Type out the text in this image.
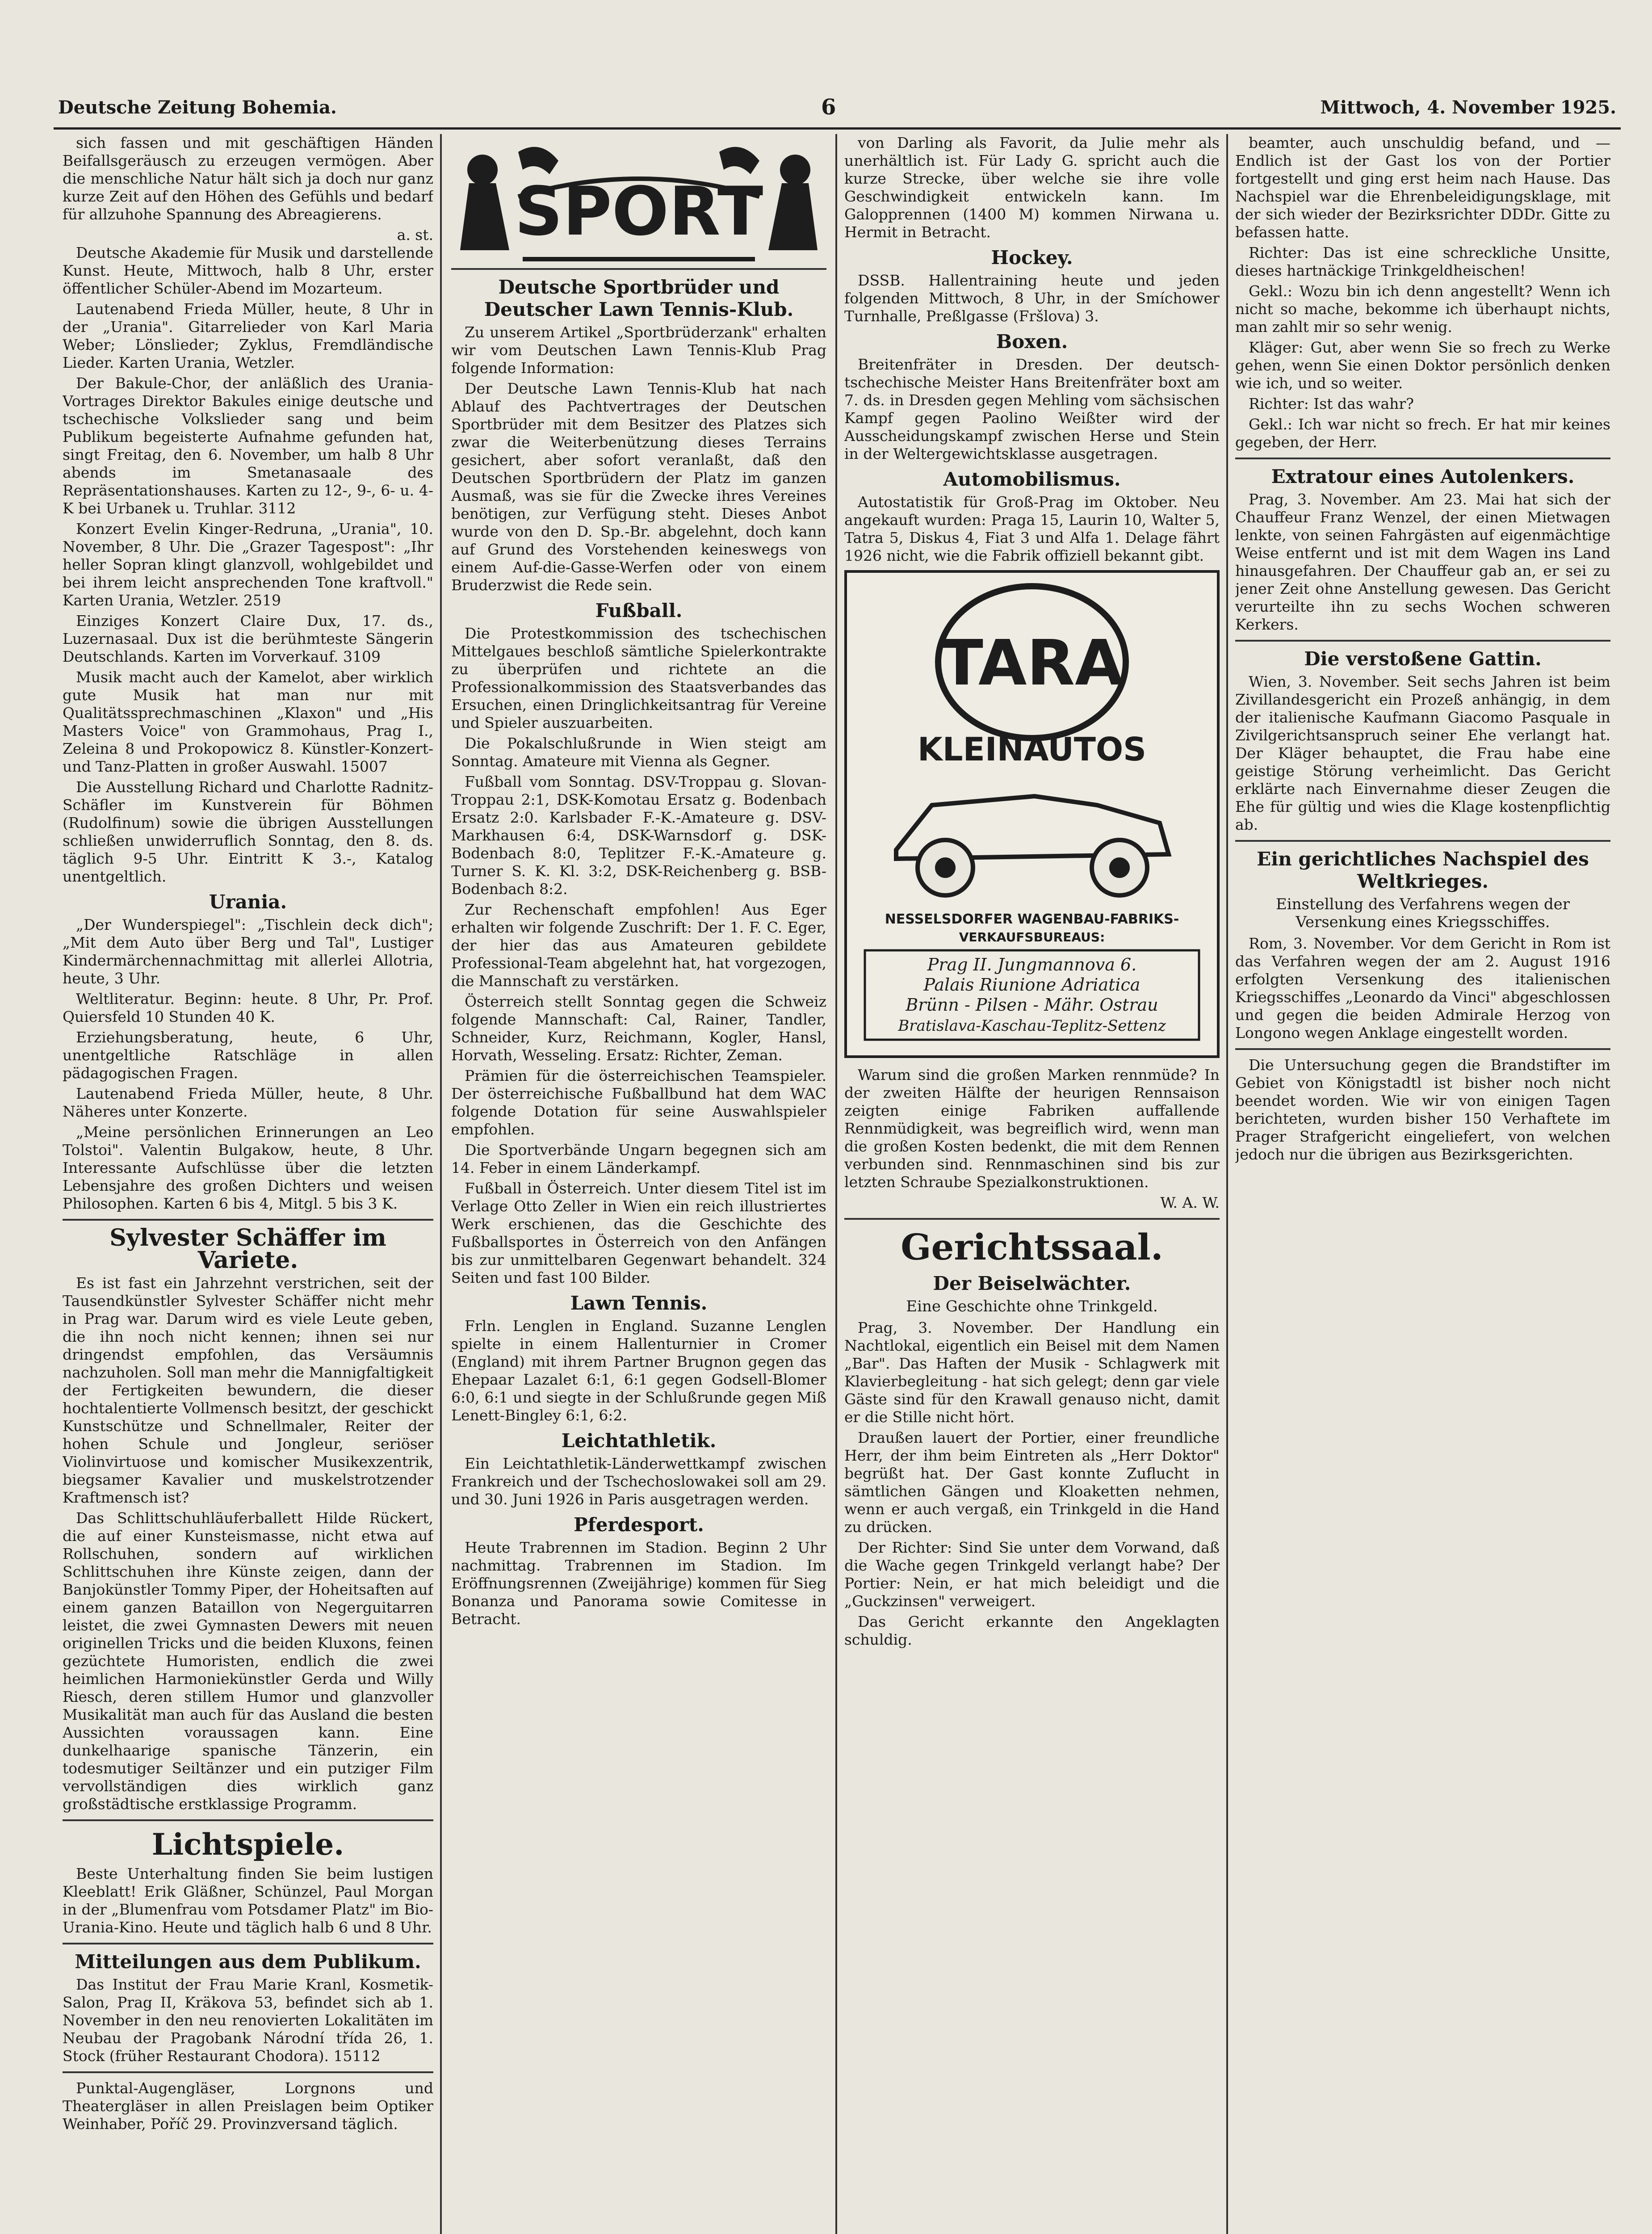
Deutsche Zeitung Bohemia.	6	Mittwoch, 4. November 1925.

sich fassen und mit geschäftigen Händen Beifallsgeräusch zu erzeugen vermögen. Aber die menschliche Natur hält sich ja doch nur ganz kurze Zeit auf den Höhen des Gefühls und bedarf für allzuhohe Spannung des Abreagierens.

a. st.

Deutsche Akademie für Musik und darstellende Kunst. Heute, Mittwoch, halb 8 Uhr, erster öffentlicher Schüler-Abend im Mozarteum.

Lautenabend Frieda Müller, heute, 8 Uhr in der „Urania". Gitarrelieder von Karl Maria Weber; Lönslieder; Zyklus, Fremdländische Lieder. Karten Urania, Wetzler.

Der Bakule-Chor, der anläßlich des Urania-Vortrages Direktor Bakules einige deutsche und tschechische Volkslieder sang und beim Publikum begeisterte Aufnahme gefunden hat, singt Freitag, den 6. November, um halb 8 Uhr abends im Smetanasaale des Repräsentationshauses. Karten zu 12-, 9-, 6- u. 4- K bei Urbanek u. Truhlar. 3112

Konzert Evelin Kinger-Redruna, „Urania", 10. November, 8 Uhr. Die „Grazer Tagespost": „Ihr heller Sopran klingt glanzvoll, wohlgebildet und bei ihrem leicht ansprechenden Tone kraftvoll." Karten Urania, Wetzler. 2519

Einziges Konzert Claire Dux, 17. ds., Luzernasaal. Dux ist die berühmteste Sängerin Deutschlands. Karten im Vorverkauf. 3109

Musik macht auch der Kamelot, aber wirklich gute Musik hat man nur mit Qualitätssprechmaschinen „Klaxon" und „His Masters Voice" von Grammohaus, Prag I., Zeleina 8 und Prokopowicz 8. Künstler-Konzert- und Tanz-Platten in großer Auswahl. 15007

Die Ausstellung Richard und Charlotte Radnitz-Schäfler im Kunstverein für Böhmen (Rudolfinum) sowie die übrigen Ausstellungen schließen unwiderruflich Sonntag, den 8. ds. täglich 9-5 Uhr. Eintritt K 3.-, Katalog unentgeltlich.

Urania.

„Der Wunderspiegel": „Tischlein deck dich"; „Mit dem Auto über Berg und Tal", Lustiger Kindermärchennachmittag mit allerlei Allotria, heute, 3 Uhr.

Weltliteratur. Beginn: heute. 8 Uhr, Pr. Prof. Quiersfeld 10 Stunden 40 K.

Erziehungsberatung, heute, 6 Uhr, unentgeltliche Ratschläge in allen pädagogischen Fragen.

Lautenabend Frieda Müller, heute, 8 Uhr. Näheres unter Konzerte.

„Meine persönlichen Erinnerungen an Leo Tolstoi". Valentin Bulgakow, heute, 8 Uhr. Interessante Aufschlüsse über die letzten Lebensjahre des großen Dichters und weisen Philosophen. Karten 6 bis 4, Mitgl. 5 bis 3 K.

Sylvester Schäffer im Variete.

Es ist fast ein Jahrzehnt verstrichen, seit der Tausendkünstler Sylvester Schäffer nicht mehr in Prag war. Darum wird es viele Leute geben, die ihn noch nicht kennen; ihnen sei nur dringendst empfohlen, das Versäumnis nachzuholen. Soll man mehr die Mannigfaltigkeit der Fertigkeiten bewundern, die dieser hochtalentierte Vollmensch besitzt, der geschickt Kunstschütze und Schnellmaler, Reiter der hohen Schule und Jongleur, seriöser Violinvirtuose und komischer Musikexzentrik, biegsamer Kavalier und muskelstrotzender Kraftmensch ist?

Das Schlittschuhläuferballett Hilde Rückert, die auf einer Kunsteismasse, nicht etwa auf Rollschuhen, sondern auf wirklichen Schlittschuhen ihre Künste zeigen, dann der Banjokünstler Tommy Piper, der Hoheitsaften auf einem ganzen Bataillon von Negerguitarren leistet, die zwei Gymnasten Dewers mit neuen originellen Tricks und die beiden Kluxons, feinen gezüchtete Humoristen, endlich die zwei heimlichen Harmoniekünstler Gerda und Willy Riesch, deren stillem Humor und glanzvoller Musikalität man auch für das Ausland die besten Aussichten voraussagen kann. Eine dunkelhaarige spanische Tänzerin, ein todesmutiger Seiltänzer und ein putziger Film vervollständigen dies wirklich ganz großstädtische erstklassige Programm.

Lichtspiele.

Beste Unterhaltung finden Sie beim lustigen Kleeblatt! Erik Gläßner, Schünzel, Paul Morgan in der „Blumenfrau vom Potsdamer Platz" im Bio-Urania-Kino. Heute und täglich halb 6 und 8 Uhr.

Mitteilungen aus dem Publikum.

Das Institut der Frau Marie Kranl, Kosmetik-Salon, Prag II, Kräkova 53, befindet sich ab 1. November in den neu renovierten Lokalitäten im Neubau der Pragobank Národní třída 26, 1. Stock (früher Restaurant Chodora). 15112

Punktal-Augengläser, Lorgnons und Theatergläser in allen Preislagen beim Optiker Weinhaber, Poříč 29. Provinzversand täglich.

SPORT
Deutsche Sportbrüder und Deutscher Lawn Tennis-Klub.

Zu unserem Artikel „Sportbrüderzank" erhalten wir vom Deutschen Lawn Tennis-Klub Prag folgende Information:

Der Deutsche Lawn Tennis-Klub hat nach Ablauf des Pachtvertrages der Deutschen Sportbrüder mit dem Besitzer des Platzes sich zwar die Weiterbenützung dieses Terrains gesichert, aber sofort veranlaßt, daß den Deutschen Sportbrüdern der Platz im ganzen Ausmaß, was sie für die Zwecke ihres Vereines benötigen, zur Verfügung steht. Dieses Anbot wurde von den D. Sp.-Br. abgelehnt, doch kann auf Grund des Vorstehenden keineswegs von einem Auf-die-Gasse-Werfen oder von einem Bruderzwist die Rede sein.

Fußball.

Die Protestkommission des tschechischen Mittelgaues beschloß sämtliche Spielerkontrakte zu überprüfen und richtete an die Professionalkommission des Staatsverbandes das Ersuchen, einen Dringlichkeitsantrag für Vereine und Spieler auszuarbeiten.

Die Pokalschlußrunde in Wien steigt am Sonntag. Amateure mit Vienna als Gegner.

Fußball vom Sonntag. DSV-Troppau g. Slovan-Troppau 2:1, DSK-Komotau Ersatz g. Bodenbach Ersatz 2:0. Karlsbader F.-K.-Amateure g. DSV-Markhausen 6:4, DSK-Warnsdorf g. DSK-Bodenbach 8:0, Teplitzer F.-K.-Amateure g. Turner S. K. Kl. 3:2, DSK-Reichenberg g. BSB-Bodenbach 8:2.

Zur Rechenschaft empfohlen! Aus Eger erhalten wir folgende Zuschrift: Der 1. F. C. Eger, der hier das aus Amateuren gebildete Professional-Team abgelehnt hat, hat vorgezogen, die Mannschaft zu verstärken.

Österreich stellt Sonntag gegen die Schweiz folgende Mannschaft: Cal, Rainer, Tandler, Schneider, Kurz, Reichmann, Kogler, Hansl, Horvath, Wesseling. Ersatz: Richter, Zeman.

Prämien für die österreichischen Teamspieler. Der österreichische Fußballbund hat dem WAC folgende Dotation für seine Auswahlspieler empfohlen.

Die Sportverbände Ungarn begegnen sich am 14. Feber in einem Länderkampf.

Fußball in Österreich. Unter diesem Titel ist im Verlage Otto Zeller in Wien ein reich illustriertes Werk erschienen, das die Geschichte des Fußballsportes in Österreich von den Anfängen bis zur unmittelbaren Gegenwart behandelt. 324 Seiten und fast 100 Bilder.

Lawn Tennis.

Frln. Lenglen in England. Suzanne Lenglen spielte in einem Hallenturnier in Cromer (England) mit ihrem Partner Brugnon gegen das Ehepaar Lazalet 6:1, 6:1 gegen Godsell-Blomer 6:0, 6:1 und siegte in der Schlußrunde gegen Miß Lenett-Bingley 6:1, 6:2.

Leichtathletik.

Ein Leichtathletik-Länderwettkampf zwischen Frankreich und der Tschechoslowakei soll am 29. und 30. Juni 1926 in Paris ausgetragen werden.

Pferdesport.

Heute Trabrennen im Stadion. Beginn 2 Uhr nachmittag. Trabrennen im Stadion. Im Eröffnungsrennen (Zweijährige) kommen für Sieg Bonanza und Panorama sowie Comitesse in Betracht.

von Darling als Favorit, da Julie mehr als unerhältlich ist. Für Lady G. spricht auch die kurze Strecke, über welche sie ihre volle Geschwindigkeit entwickeln kann. Im Galopprennen (1400 M) kommen Nirwana u. Hermit in Betracht.

Hockey.

DSSB. Hallentraining heute und jeden folgenden Mittwoch, 8 Uhr, in der Smíchower Turnhalle, Preßlgasse (Fršlova) 3.

Boxen.

Breitenfräter in Dresden. Der deutsch-tschechische Meister Hans Breitenfräter boxt am 7. ds. in Dresden gegen Mehling vom sächsischen Kampf gegen Paolino Weißter wird der Ausscheidungskampf zwischen Herse und Stein in der Weltergewichtsklasse ausgetragen.

Automobilismus.

Autostatistik für Groß-Prag im Oktober. Neu angekauft wurden: Praga 15, Laurin 10, Walter 5, Tatra 5, Diskus 4, Fiat 3 und Alfa 1. Delage fährt 1926 nicht, wie die Fabrik offiziell bekannt gibt.

TARA
KLEINAUTOS
NESSELSDORFER WAGENBAU-FABRIKS-
VERKAUFSBUREAUS:
Prag II. Jungmannova 6.
Palais Riunione Adriatica
Brünn - Pilsen - Mähr. Ostrau
Bratislava-Kaschau-Teplitz-Settenz

Warum sind die großen Marken rennmüde? In der zweiten Hälfte der heurigen Rennsaison zeigten einige Fabriken auffallende Rennmüdigkeit, was begreiflich wird, wenn man die großen Kosten bedenkt, die mit dem Rennen verbunden sind. Rennmaschinen sind bis zur letzten Schraube Spezialkonstruktionen.

W. A. W.
Gerichtssaal.
Der Beiselwächter.
Eine Geschichte ohne Trinkgeld.

Prag, 3. November. Der Handlung ein Nachtlokal, eigentlich ein Beisel mit dem Namen „Bar". Das Haften der Musik - Schlagwerk mit Klavierbegleitung - hat sich gelegt; denn gar viele Gäste sind für den Krawall genauso nicht, damit er die Stille nicht hört.

Draußen lauert der Portier, einer freundliche Herr, der ihm beim Eintreten als „Herr Doktor" begrüßt hat. Der Gast konnte Zuflucht in sämtlichen Gängen und Kloaketten nehmen, wenn er auch vergaß, ein Trinkgeld in die Hand zu drücken.

Der Richter: Sind Sie unter dem Vorwand, daß die Wache gegen Trinkgeld verlangt habe? Der Portier: Nein, er hat mich beleidigt und die „Guckzinsen" verweigert.

Das Gericht erkannte den Angeklagten schuldig.

beamter, auch unschuldig befand, und — Endlich ist der Gast los von der Portier fortgestellt und ging erst heim nach Hause. Das Nachspiel war die Ehrenbeleidigungsklage, mit der sich wieder der Bezirksrichter DDDr. Gitte zu befassen hatte.

Richter: Das ist eine schreckliche Unsitte, dieses hartnäckige Trinkgeldheischen!

Gekl.: Wozu bin ich denn angestellt? Wenn ich nicht so mache, bekomme ich überhaupt nichts, man zahlt mir so sehr wenig.

Kläger: Gut, aber wenn Sie so frech zu Werke gehen, wenn Sie einen Doktor persönlich denken wie ich, und so weiter.

Richter: Ist das wahr?

Gekl.: Ich war nicht so frech. Er hat mir keines gegeben, der Herr.

Extratour eines Autolenkers.

Prag, 3. November. Am 23. Mai hat sich der Chauffeur Franz Wenzel, der einen Mietwagen lenkte, von seinen Fahrgästen auf eigenmächtige Weise entfernt und ist mit dem Wagen ins Land hinausgefahren. Der Chauffeur gab an, er sei zu jener Zeit ohne Anstellung gewesen. Das Gericht verurteilte ihn zu sechs Wochen schweren Kerkers.

Die verstoßene Gattin.

Wien, 3. November. Seit sechs Jahren ist beim Zivillandesgericht ein Prozeß anhängig, in dem der italienische Kaufmann Giacomo Pasquale in Zivilgerichtsanspruch seiner Ehe verlangt hat. Der Kläger behauptet, die Frau habe eine geistige Störung verheimlicht. Das Gericht erklärte nach Einvernahme dieser Zeugen die Ehe für gültig und wies die Klage kostenpflichtig ab.

Ein gerichtliches Nachspiel des Weltkrieges.
Einstellung des Verfahrens wegen der Versenkung eines Kriegsschiffes.

Rom, 3. November. Vor dem Gericht in Rom ist das Verfahren wegen der am 2. August 1916 erfolgten Versenkung des italienischen Kriegsschiffes „Leonardo da Vinci" abgeschlossen und gegen die beiden Admirale Herzog von Longono wegen Anklage eingestellt worden.

Die Untersuchung gegen die Brandstifter im Gebiet von Königstadtl ist bisher noch nicht beendet worden. Wie wir von einigen Tagen berichteten, wurden bisher 150 Verhaftete im Prager Strafgericht eingeliefert, von welchen jedoch nur die übrigen aus Bezirksgerichten.
